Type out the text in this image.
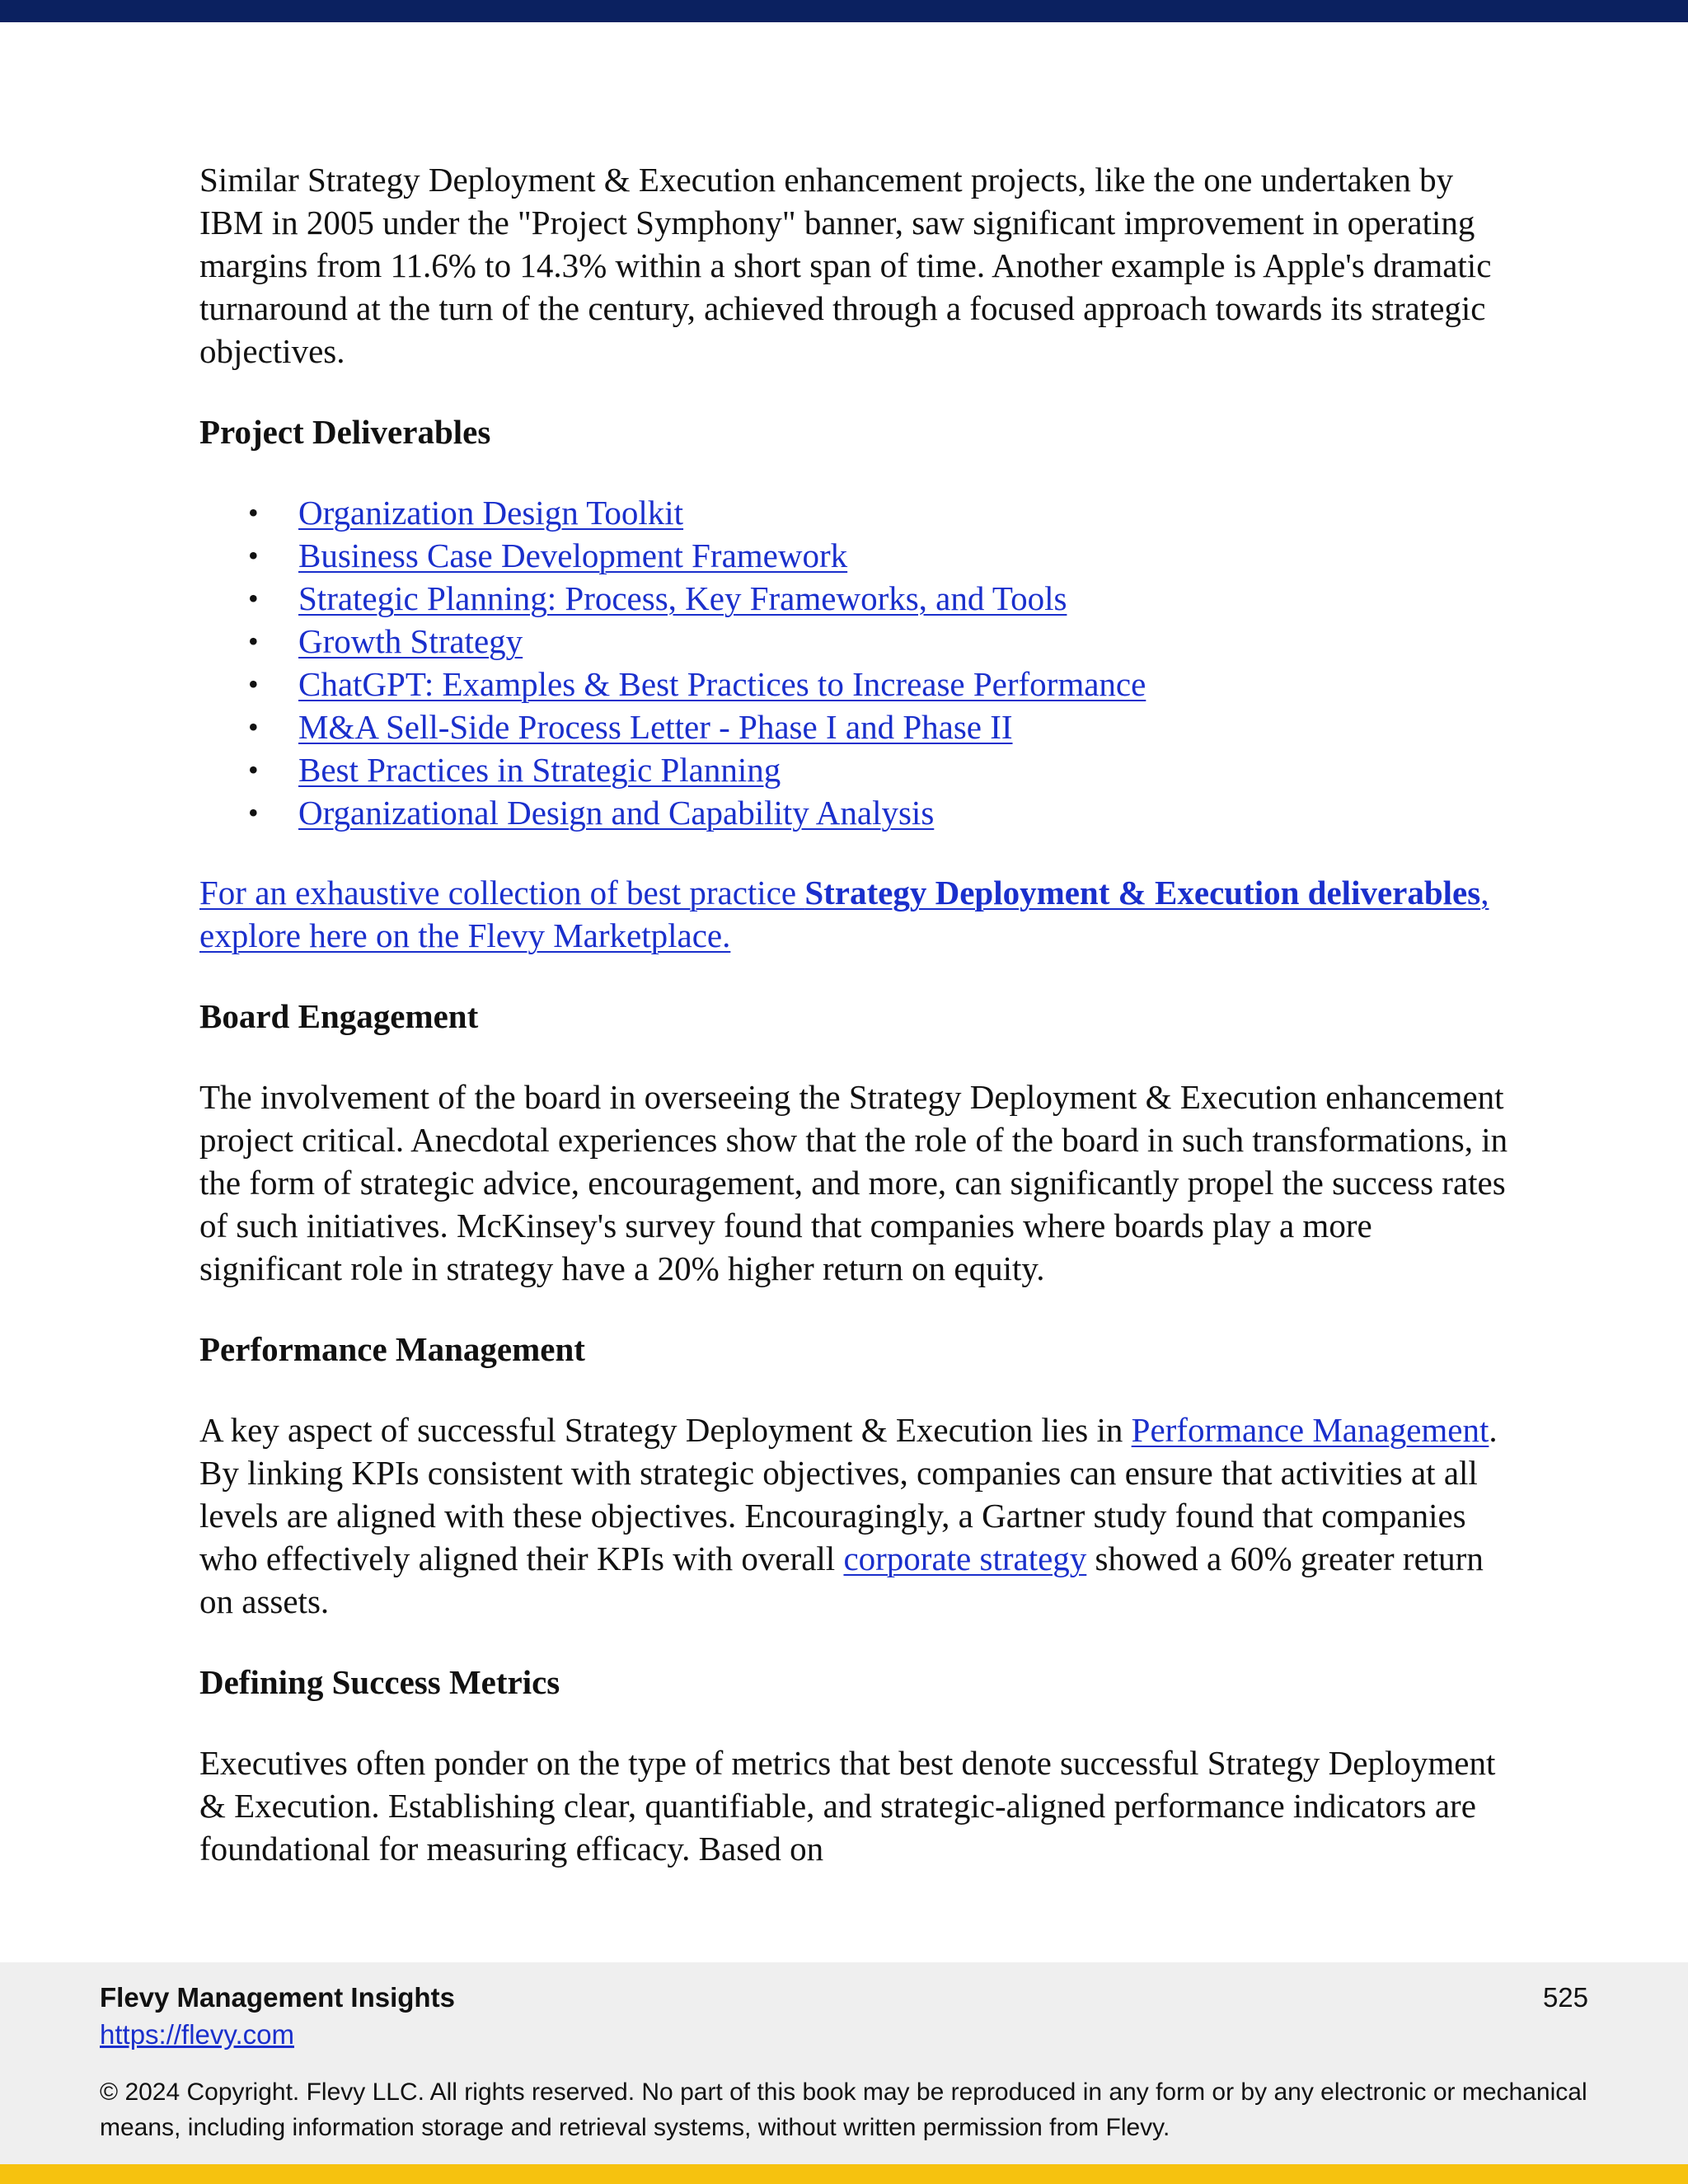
Similar Strategy Deployment & Execution enhancement projects, like the one undertaken by IBM in 2005 under the "Project Symphony" banner, saw significant improvement in operating margins from 11.6% to 14.3% within a short span of time. Another example is Apple's dramatic turnaround at the turn of the century, achieved through a focused approach towards its strategic objectives.

Project Deliverables

• Organization Design Toolkit
• Business Case Development Framework
• Strategic Planning: Process, Key Frameworks, and Tools
• Growth Strategy
• ChatGPT: Examples & Best Practices to Increase Performance
• M&A Sell-Side Process Letter - Phase I and Phase II
• Best Practices in Strategic Planning
• Organizational Design and Capability Analysis

For an exhaustive collection of best practice Strategy Deployment & Execution deliverables, explore here on the Flevy Marketplace.

Board Engagement

The involvement of the board in overseeing the Strategy Deployment & Execution enhancement project critical. Anecdotal experiences show that the role of the board in such transformations, in the form of strategic advice, encouragement, and more, can significantly propel the success rates of such initiatives. McKinsey's survey found that companies where boards play a more significant role in strategy have a 20% higher return on equity.

Performance Management

A key aspect of successful Strategy Deployment & Execution lies in Performance Management. By linking KPIs consistent with strategic objectives, companies can ensure that activities at all levels are aligned with these objectives. Encouragingly, a Gartner study found that companies who effectively aligned their KPIs with overall corporate strategy showed a 60% greater return on assets.

Defining Success Metrics

Executives often ponder on the type of metrics that best denote successful Strategy Deployment & Execution. Establishing clear, quantifiable, and strategic-aligned performance indicators are foundational for measuring efficacy. Based on

Flevy Management Insights
https://flevy.com
525
© 2024 Copyright. Flevy LLC. All rights reserved. No part of this book may be reproduced in any form or by any electronic or mechanical means, including information storage and retrieval systems, without written permission from Flevy.
